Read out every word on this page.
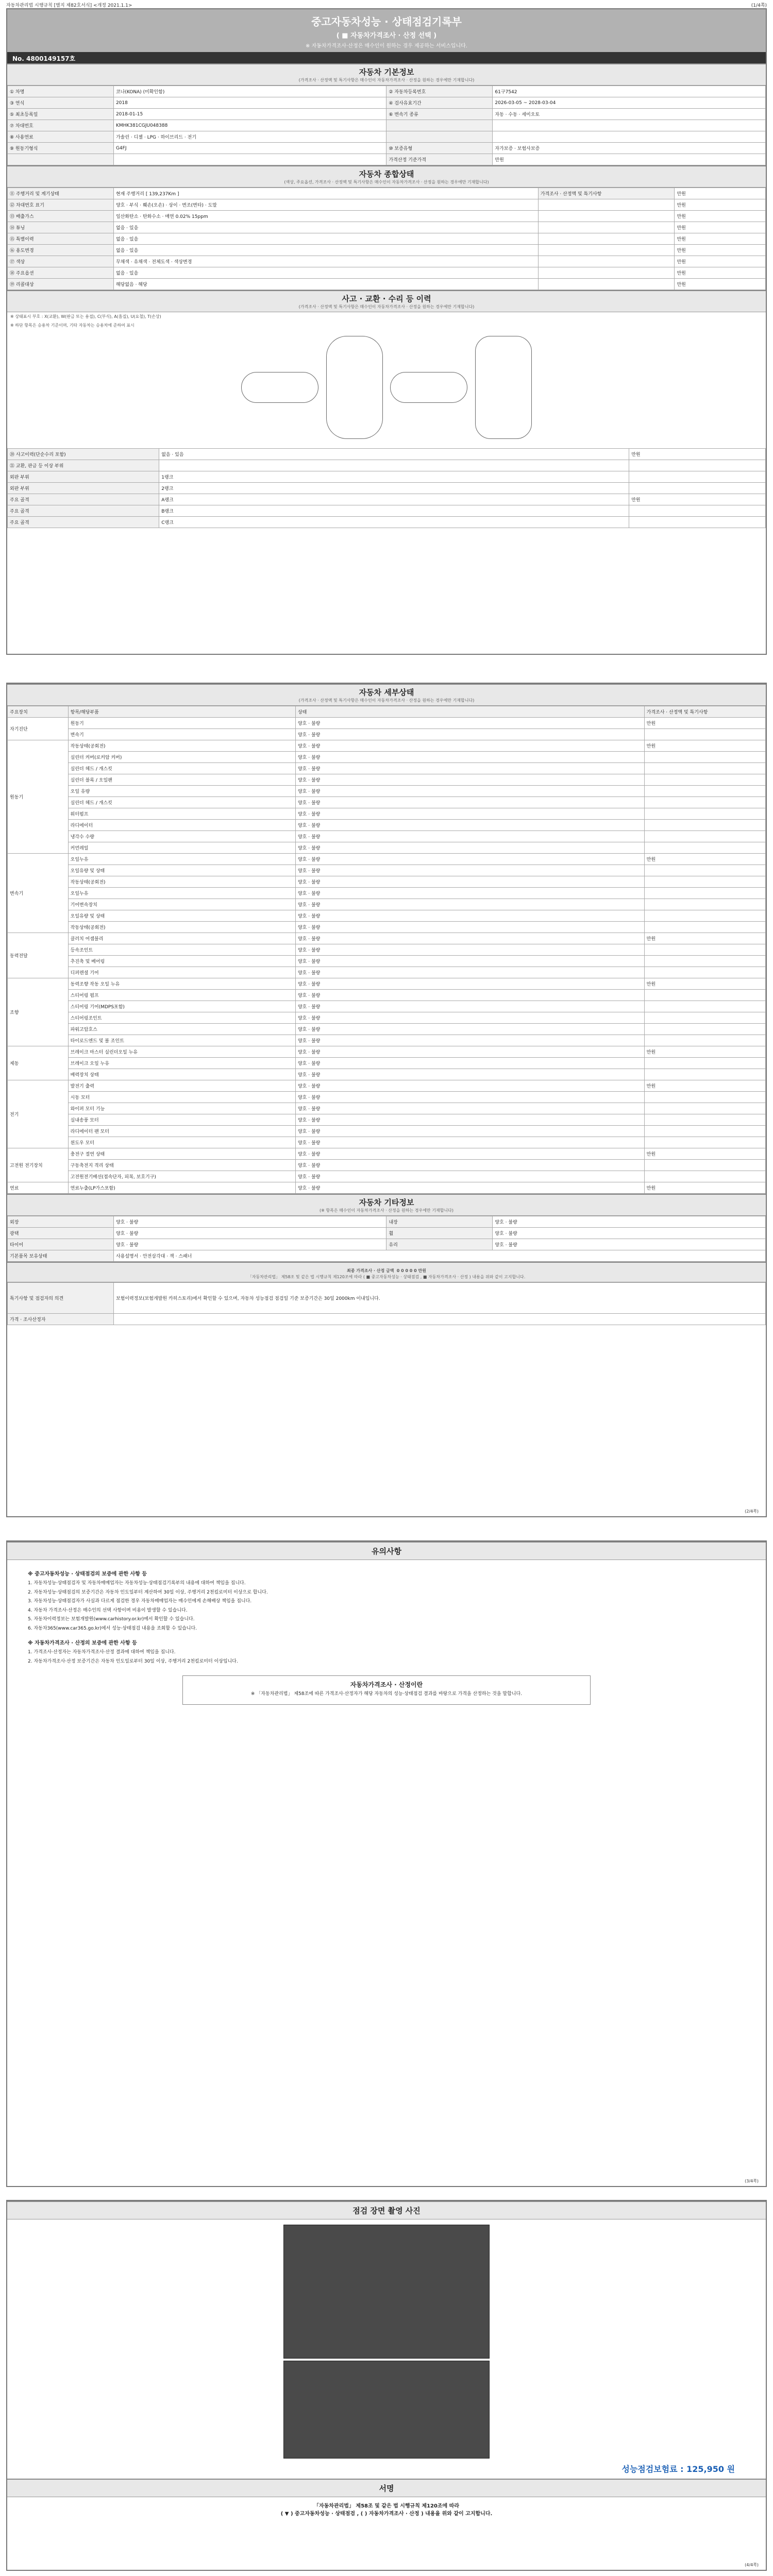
자동차관리법 시행규칙 [별지 제82호서식] <개정 2021.1.1>	(1/4쪽)
중고자동차성능 · 상태점검기록부
( ■ 자동차가격조사 · 산정 선택 )
※ 자동차가격조사·산정은 매수인이 원하는 경우 제공하는 서비스입니다.
No. 4800149157호
자동차 기본정보
(가격조사 · 산정액 및 특기사항은 매수인이 자동차가격조사 · 산정을 원하는 경우에만 기재합니다)
① 차명	코나(KONA) (미확인함)	② 자동차등록번호	61구7542
③ 연식	2018	④ 검사유효기간	2026-03-05 ~ 2028-03-04
⑤ 최초등록일	2018-01-15	⑥ 변속기 종류	자동 · 수동 · 세미오토
⑦ 차대번호	KMHK381CGJU048388		
⑧ 사용연료	가솔린 · 디젤 · LPG · 하이브리드 · 전기		
⑨ 원동기형식	G4FJ	⑩ 보증유형	자가보증 · 보험사보증
		가격산정 기준가격	만원
자동차 종합상태
(색상, 주요옵션, 가격조사 · 산정액 및 특기사항은 매수인이 자동차가격조사 · 산정을 원하는 경우에만 기재합니다)
⑪ 주행거리 및 계기상태	현재 주행거리 [ 139,237Km ]	가격조사 · 산정액 및 특기사항	만원
⑫ 차대번호 표기	양호 · 부식 · 훼손(오손) · 상이 · 변조(변타) · 도말		만원
⑬ 배출가스	일산화탄소 · 탄화수소 · 매연 0.02% 15ppm		만원
⑭ 튜닝	없음 · 있음		만원
⑮ 특별이력	없음 · 있음		만원
⑯ 용도변경	없음 · 있음		만원
⑰ 색상	무채색 · 유채색 · 전체도색 · 색상변경		만원
⑱ 주요옵션	없음 · 있음		만원
⑲ 리콜대상	해당없음 · 해당		만원
사고 · 교환 · 수리 등 이력
(가격조사 · 산정액 및 특기사항은 매수인이 자동차가격조사 · 산정을 원하는 경우에만 기재합니다)
※ 상태표시 부호 : X(교환), W(판금 또는 용접), C(부식), A(흠집), U(요철), T(손상)
※ 하단 항목은 승용차 기준이며, 기타 자동차는 승용차에 준하여 표시

⑳ 사고이력(단순수리 포함)	없음 · 있음	만원
㉑ 교환, 판금 등 이상 부위		
외판 부위	1랭크	
외판 부위	2랭크	
주요 골격	A랭크	만원
주요 골격	B랭크	
주요 골격	C랭크	
자동차 세부상태
(가격조사 · 산정액 및 특기사항은 매수인이 자동차가격조사 · 산정을 원하는 경우에만 기재합니다)
주요장치	항목/해당부품	상태	가격조사 · 산정액 및 특기사항
자기진단	원동기	양호 · 불량	만원
	변속기	양호 · 불량	
원동기	작동상태(공회전)	양호 · 불량	만원
	실린더 커버(로커암 커버)	양호 · 불량	
	실린더 헤드 / 개스킷	양호 · 불량	
	실린더 블록 / 오일팬	양호 · 불량	
	오일 유량	양호 · 불량	
	실린더 헤드 / 개스킷	양호 · 불량	
	워터펌프	양호 · 불량	
	라디에이터	양호 · 불량	
	냉각수 수량	양호 · 불량	
	커먼레일	양호 · 불량	
변속기	오일누유	양호 · 불량	만원
	오일유량 및 상태	양호 · 불량	
	작동상태(공회전)	양호 · 불량	
	오일누유	양호 · 불량	
	기어변속장치	양호 · 불량	
	오일유량 및 상태	양호 · 불량	
	작동상태(공회전)	양호 · 불량	
동력전달	클러치 어셈블리	양호 · 불량	만원
	등속조인트	양호 · 불량	
	추진축 및 베어링	양호 · 불량	
	디퍼렌셜 기어	양호 · 불량	
조향	동력조향 작동 오일 누유	양호 · 불량	만원
	스티어링 펌프	양호 · 불량	
	스티어링 기어(MDPS포함)	양호 · 불량	
	스티어링조인트	양호 · 불량	
	파워고압호스	양호 · 불량	
	타이로드엔드 및 볼 조인트	양호 · 불량	
제동	브레이크 마스터 실린더오일 누유	양호 · 불량	만원
	브레이크 오일 누유	양호 · 불량	
	배력장치 상태	양호 · 불량	
전기	발전기 출력	양호 · 불량	만원
	시동 모터	양호 · 불량	
	와이퍼 모터 기능	양호 · 불량	
	실내송풍 모터	양호 · 불량	
	라디에이터 팬 모터	양호 · 불량	
	윈도우 모터	양호 · 불량	
고전원 전기장치	충전구 절연 상태	양호 · 불량	만원
	구동축전지 격리 상태	양호 · 불량	
	고전원전기배선(접속단자, 피복, 보호기구)	양호 · 불량	
연료	연료누출(LP가스포함)	양호 · 불량	만원
자동차 기타정보
(※ 항목은 매수인이 자동차가격조사 · 산정을 원하는 경우에만 기재합니다)
외장	양호 · 불량	내장	양호 · 불량
광택	양호 · 불량	휠	양호 · 불량
타이어	양호 · 불량	유리	양호 · 불량
기본품목 보유상태	사용설명서 · 안전삼각대 · 잭 · 스패너		
최종 가격조사 · 산정 금액 0 0 0 0 0 만원
「자동차관리법」 제58조 및 같은 법 시행규칙 제120조에 따라 ( ■ 중고자동차성능 · 상태점검 , ■ 자동차가격조사 · 산정 ) 내용을 위와 같이 고지합니다.
특기사항 및 점검자의 의견	보험이력정보(보험개발원 카히스토리)에서 확인할 수 있으며, 자동차 성능점검 점검일 기준 보증기간은 30일 2000km 이내입니다.
가격 · 조사산정자	
(2/4쪽)
유의사항
※ 중고자동차성능 · 상태점검의 보증에 관한 사항 등

1. 자동차성능·상태점검자 및 자동차매매업자는 자동차성능·상태점검기록부의 내용에 대하여 책임을 집니다.

2. 자동차성능·상태점검의 보증기간은 자동차 인도일부터 계산하여 30일 이상, 주행거리 2천킬로미터 이상으로 합니다.

3. 자동차성능·상태점검자가 사실과 다르게 점검한 경우 자동차매매업자는 매수인에게 손해배상 책임을 집니다.

4. 자동차 가격조사·산정은 매수인의 선택 사항이며 비용이 발생할 수 있습니다.

5. 자동차이력정보는 보험개발원(www.carhistory.or.kr)에서 확인할 수 있습니다.

6. 자동차365(www.car365.go.kr)에서 성능·상태점검 내용을 조회할 수 있습니다.

※ 자동차가격조사 · 산정의 보증에 관한 사항 등

1. 가격조사·산정자는 자동차가격조사·산정 결과에 대하여 책임을 집니다.

2. 자동차가격조사·산정 보증기간은 자동차 인도일로부터 30일 이상, 주행거리 2천킬로미터 이상입니다.

자동차가격조사 · 산정이란

※ 「자동차관리법」 제58조에 따른 가격조사·산정자가 해당 자동차의 성능·상태점검 결과를 바탕으로 가격을 산정하는 것을 말합니다.

(3/4쪽)
점검 장면 촬영 사진
성능점검보험료 : 125,950 원
서명
「자동차관리법」 제58조 및 같은 법 시행규칙 제120조에 따라
( ▼ ) 중고자동차성능 · 상태점검 , ( ) 자동차가격조사 · 산정 ) 내용을 위와 같이 고지합니다.
(4/4쪽)
